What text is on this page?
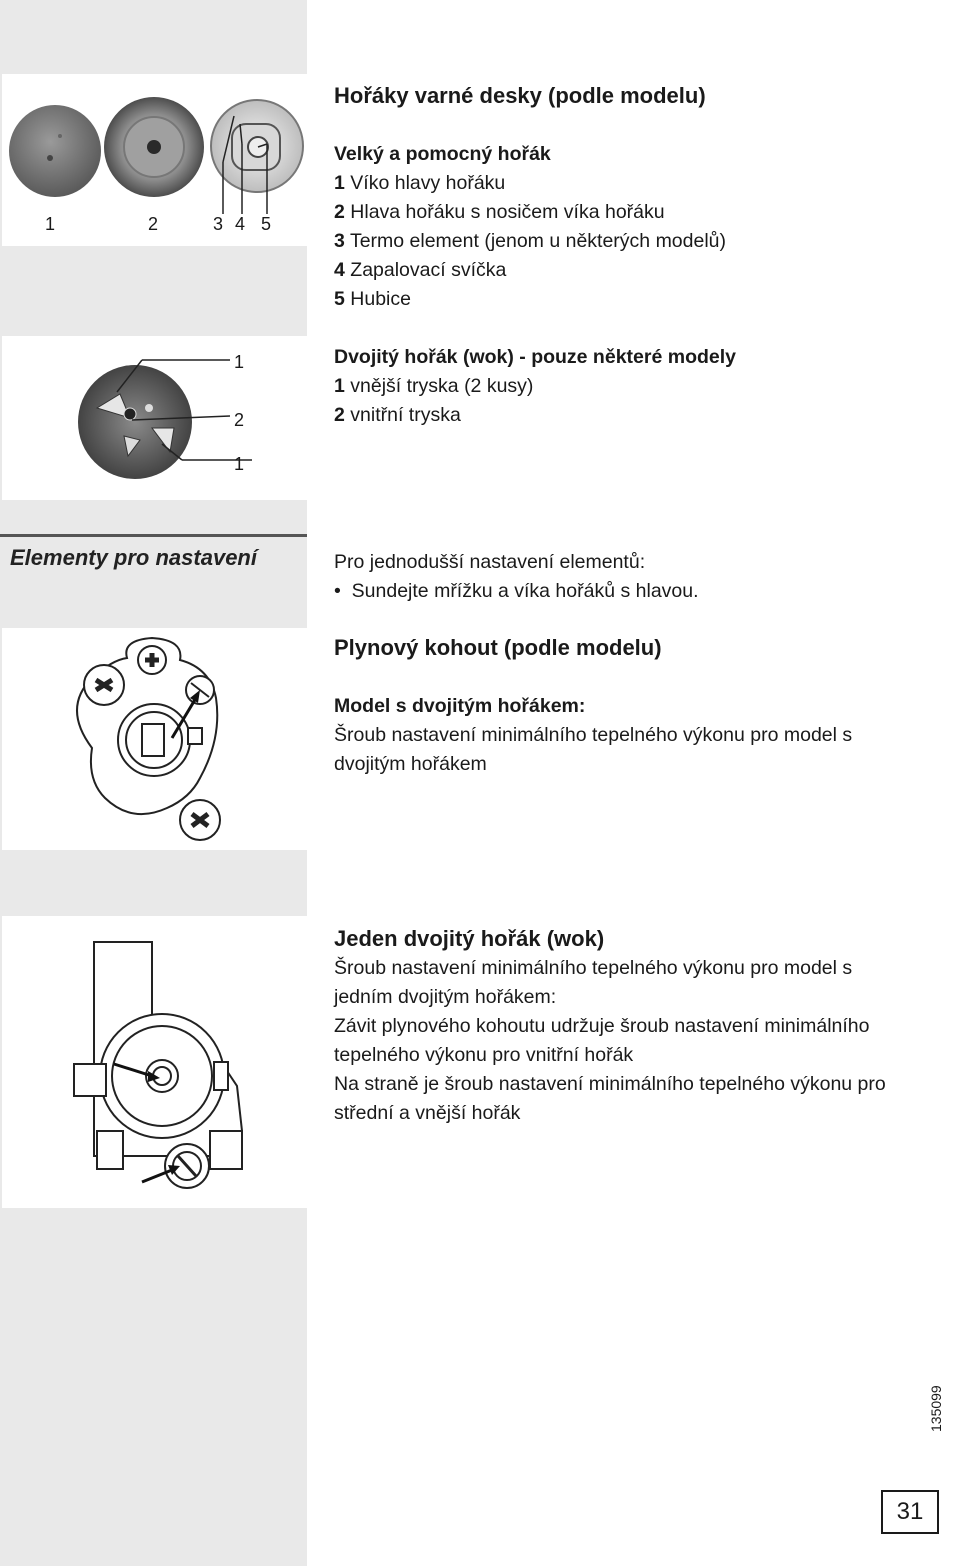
1	2	3 4 5
1
2
1
Elementy pro nastavení
Hořáky varné desky (podle modelu)
Velký a pomocný hořák
1 Víko hlavy hořáku
2 Hlava hořáku s nosičem víka hořáku
3 Termo element (jenom u některých modelů)
4 Zapalovací svíčka
5 Hubice
Dvojitý hořák (wok) - pouze některé modely
1 vnější tryska (2 kusy)
2 vnitřní tryska
Pro jednodušší nastavení elementů:
• Sundejte mřížku a víka hořáků s hlavou.
Plynový kohout (podle modelu)
Model s dvojitým hořákem:
Šroub nastavení minimálního tepelného výkonu pro model s
dvojitým hořákem
Jeden dvojitý hořák (wok)
Šroub nastavení minimálního tepelného výkonu pro model s
jedním dvojitým hořákem:
Závit plynového kohoutu udržuje šroub nastavení minimálního
tepelného výkonu pro vnitřní hořák
Na straně je šroub nastavení minimálního tepelného výkonu pro
střední a vnější hořák
135099
31
